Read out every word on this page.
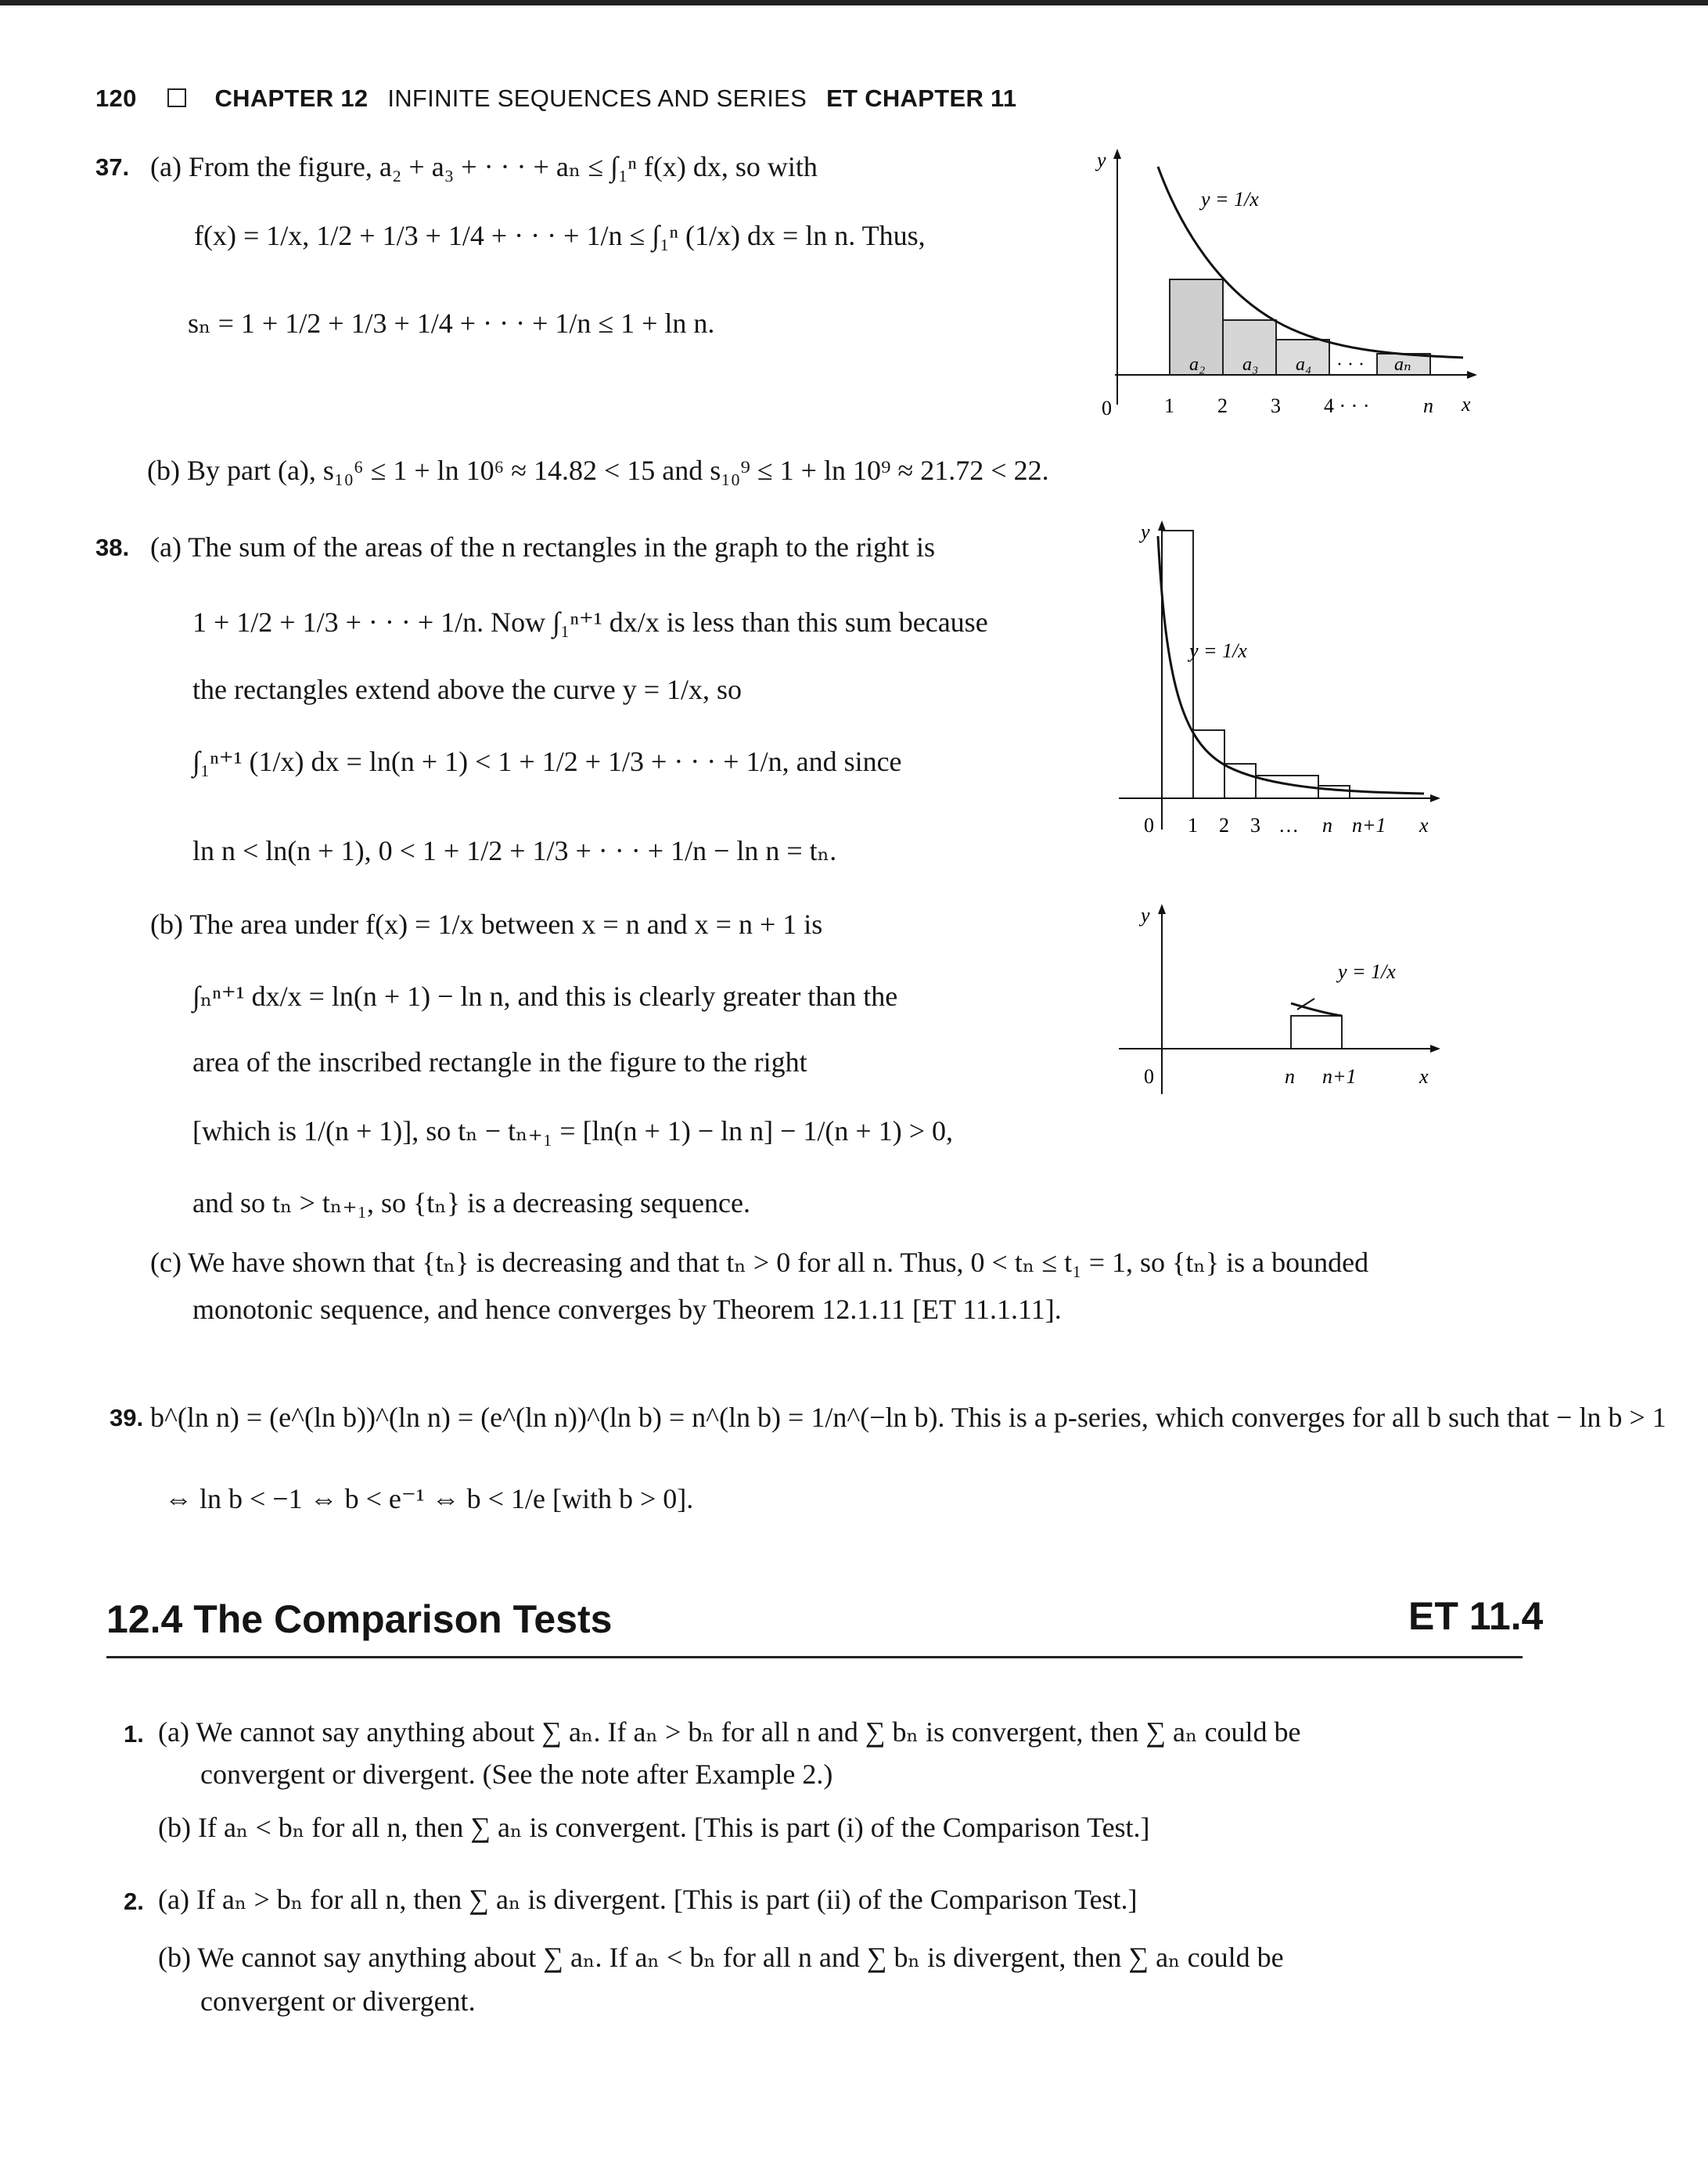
120	CHAPTER 12 INFINITE SEQUENCES AND SERIES ET CHAPTER 11
37. (a) From the figure, a₂ + a₃ + · · · + aₙ ≤ ∫₁ⁿ f(x) dx, so with
f(x) = 1/x, 1/2 + 1/3 + 1/4 + · · · + 1/n ≤ ∫₁ⁿ (1/x) dx = ln n. Thus,
sₙ = 1 + 1/2 + 1/3 + 1/4 + · · · + 1/n ≤ 1 + ln n.
(b) By part (a), s₁₀⁶ ≤ 1 + ln 10⁶ ≈ 14.82 < 15 and s₁₀⁹ ≤ 1 + ln 10⁹ ≈ 21.72 < 22.
y
0	x
y = 1/x
1 2 3 4 · · ·	n
a₂ a₃ a₄ · · · aₙ
38. (a) The sum of the areas of the n rectangles in the graph to the right is
1 + 1/2 + 1/3 + · · · + 1/n. Now ∫₁ⁿ⁺¹ dx/x is less than this sum because
the rectangles extend above the curve y = 1/x, so
∫₁ⁿ⁺¹ (1/x) dx = ln(n + 1) < 1 + 1/2 + 1/3 + · · · + 1/n, and since
ln n < ln(n + 1), 0 < 1 + 1/2 + 1/3 + · · · + 1/n − ln n = tₙ.
(b) The area under f(x) = 1/x between x = n and x = n + 1 is
∫ₙⁿ⁺¹ dx/x = ln(n + 1) − ln n, and this is clearly greater than the
area of the inscribed rectangle in the figure to the right
[which is 1/(n + 1)], so tₙ − tₙ₊₁ = [ln(n + 1) − ln n] − 1/(n + 1) > 0,
and so tₙ > tₙ₊₁, so {tₙ} is a decreasing sequence.
(c) We have shown that {tₙ} is decreasing and that tₙ > 0 for all n. Thus, 0 < tₙ ≤ t₁ = 1, so {tₙ} is a bounded
monotonic sequence, and hence converges by Theorem 12.1.11 [ET 11.1.11].
y
0	x
y = 1/x
1 2 3 … n n+1
y
0	x
y = 1/x
n n+1
39. b^(ln n) = (e^(ln b))^(ln n) = (e^(ln n))^(ln b) = n^(ln b) = 1/n^(−ln b). This is a p-series, which converges for all b such that − ln b > 1
⇔ ln b < −1 ⇔ b < e⁻¹ ⇔ b < 1/e [with b > 0].
12.4 The Comparison Tests	ET 11.4
1. (a) We cannot say anything about ∑ aₙ. If aₙ > bₙ for all n and ∑ bₙ is convergent, then ∑ aₙ could be
convergent or divergent. (See the note after Example 2.)
(b) If aₙ < bₙ for all n, then ∑ aₙ is convergent. [This is part (i) of the Comparison Test.]
2. (a) If aₙ > bₙ for all n, then ∑ aₙ is divergent. [This is part (ii) of the Comparison Test.]
(b) We cannot say anything about ∑ aₙ. If aₙ < bₙ for all n and ∑ bₙ is divergent, then ∑ aₙ could be
convergent or divergent.
